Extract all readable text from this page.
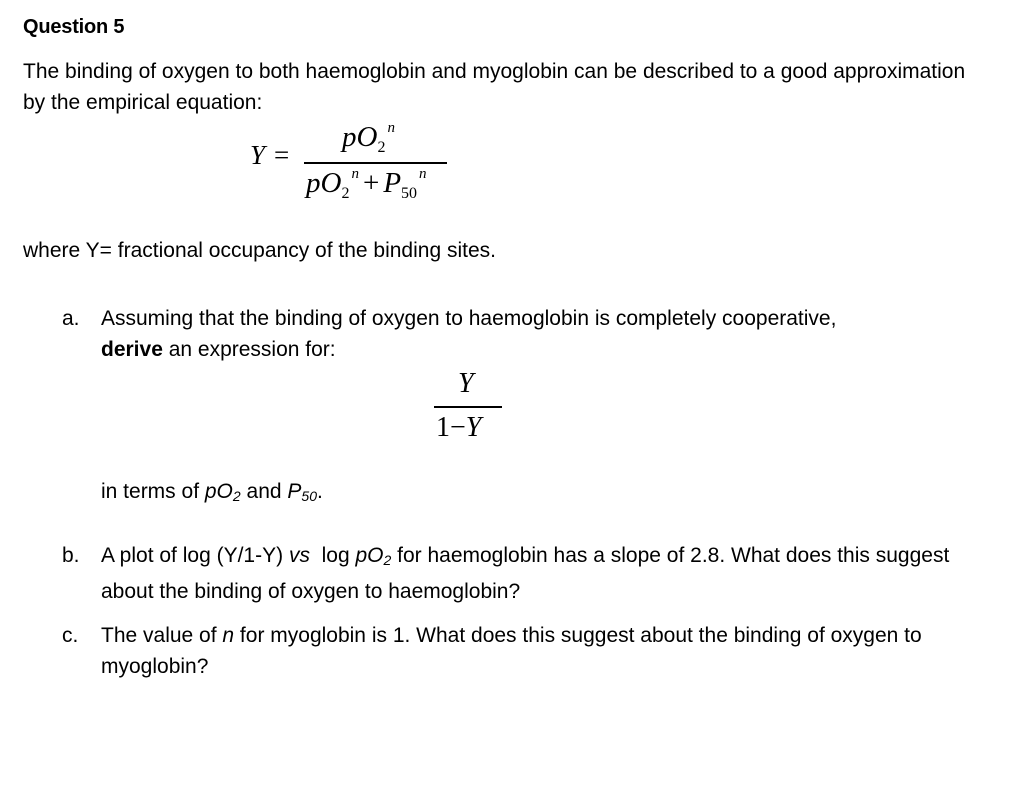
Question 5
The binding of oxygen to both haemoglobin and myoglobin can be described to a good approximation by the empirical equation:
Y =
$pO_2^n$
$pO_2^n + P_{50}^n$
where Y= fractional occupancy of the binding sites.
a. Assuming that the binding of oxygen to haemoglobin is completely cooperative,
derive an expression for:
Y
1−Y
in terms of pO2 and P50.
b. A plot of log (Y/1-Y) vs  log pO2 for haemoglobin has a slope of 2.8. What does this suggest about the binding of oxygen to haemoglobin?
c. The value of n for myoglobin is 1. What does this suggest about the binding of oxygen to myoglobin?
